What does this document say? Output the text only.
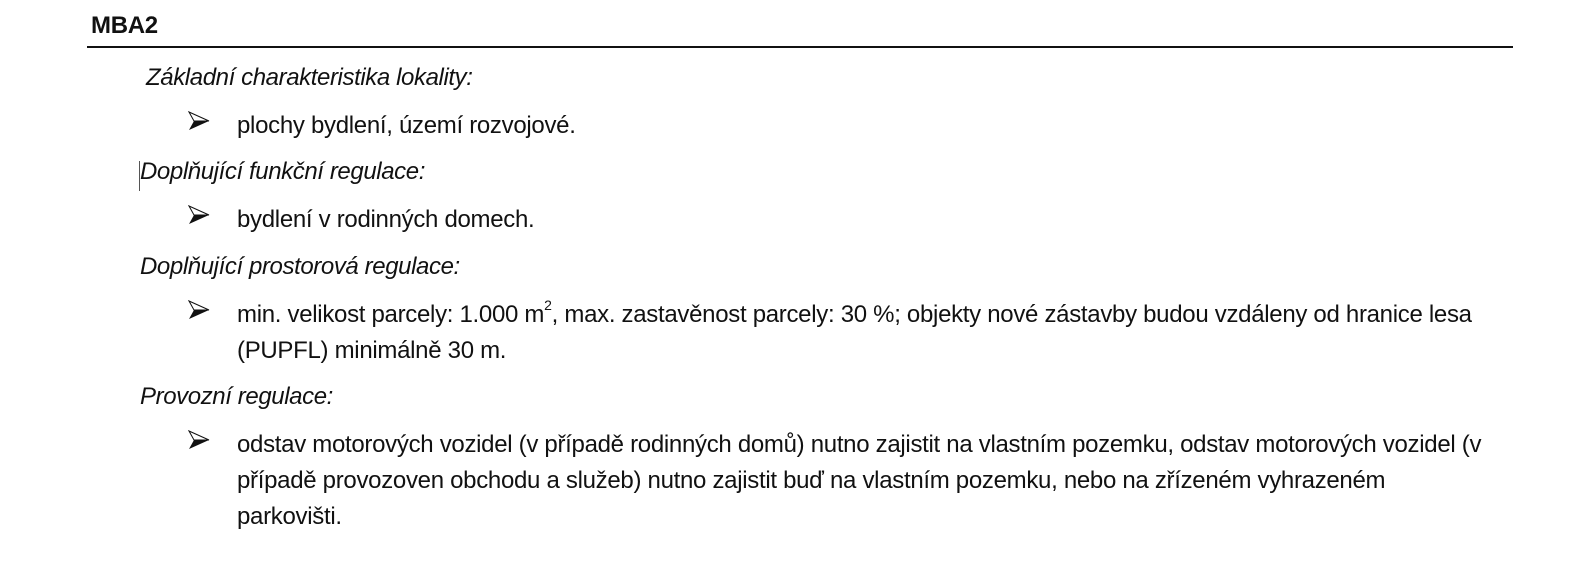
MBA2
Základní charakteristika lokality:
plochy bydlení, území rozvojové.
Doplňující funkční regulace:
bydlení v rodinných domech.
Doplňující prostorová regulace:
min. velikost parcely: 1.000 $m^2$, max. zastavěnost parcely: 30 %; objekty nové zástavby budou vzdáleny od hranice lesa (PUPFL) minimálně 30 m.
Provozní regulace:
odstav motorových vozidel (v případě rodinných domů) nutno zajistit na vlastním pozemku, odstav motorových vozidel (v případě provozoven obchodu a služeb) nutno zajistit buď na vlastním pozemku, nebo na zřízeném vyhrazeném parkovišti.
